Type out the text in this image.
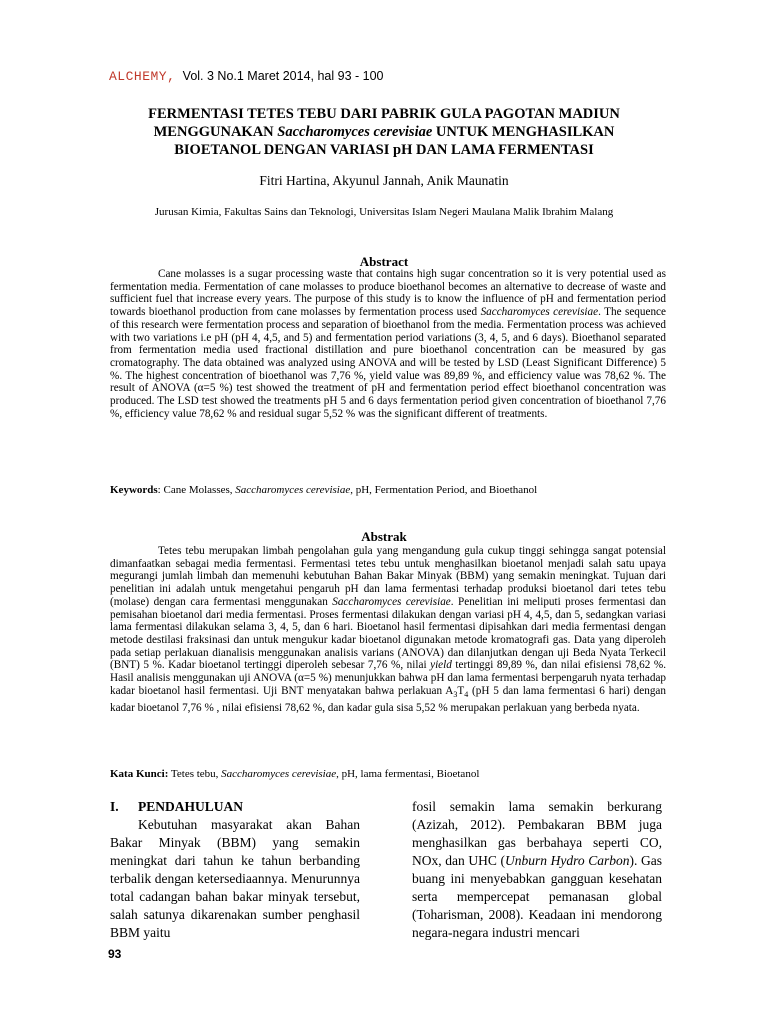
ALCHEMY, Vol. 3 No.1 Maret 2014, hal 93 - 100
FERMENTASI TETES TEBU DARI PABRIK GULA PAGOTAN MADIUN
MENGGUNAKAN Saccharomyces cerevisiae UNTUK MENGHASILKAN
BIOETANOL DENGAN VARIASI pH DAN LAMA FERMENTASI
Fitri Hartina, Akyunul Jannah, Anik Maunatin
Jurusan Kimia, Fakultas Sains dan Teknologi, Universitas Islam Negeri Maulana Malik Ibrahim Malang
Abstract
Cane molasses is a sugar processing waste that contains high sugar concentration so it is very potential used as fermentation media. Fermentation of cane molasses to produce bioethanol becomes an alternative to decrease of waste and sufficient fuel that increase every years. The purpose of this study is to know the influence of pH and fermentation period towards bioethanol production from cane molasses by fermentation process used Saccharomyces cerevisiae. The sequence of this research were fermentation process and separation of bioethanol from the media. Fermentation process was achieved with two variations i.e pH (pH 4, 4,5, and 5) and fermentation period variations (3, 4, 5, and 6 days). Bioethanol separated from fermentation media used fractional distillation and pure bioethanol concentration can be measured by gas cromatography. The data obtained was analyzed using ANOVA and will be tested by LSD (Least Significant Difference) 5 %. The highest concentration of bioethanol was 7,76 %, yield value was 89,89 %, and efficiency value was 78,62 %. The result of ANOVA (α=5 %) test showed the treatment of pH and fermentation period effect bioethanol concentration was produced. The LSD test showed the treatments pH 5 and 6 days fermentation period given concentration of bioethanol 7,76 %, efficiency value 78,62 % and residual sugar 5,52 % was the significant different of treatments.
Keywords: Cane Molasses, Saccharomyces cerevisiae, pH, Fermentation Period, and Bioethanol
Abstrak
Tetes tebu merupakan limbah pengolahan gula yang mengandung gula cukup tinggi sehingga sangat potensial dimanfaatkan sebagai media fermentasi. Fermentasi tetes tebu untuk menghasilkan bioetanol menjadi salah satu upaya megurangi jumlah limbah dan memenuhi kebutuhan Bahan Bakar Minyak (BBM) yang semakin meningkat. Tujuan dari penelitian ini adalah untuk mengetahui pengaruh pH dan lama fermentasi terhadap produksi bioetanol dari tetes tebu (molase) dengan cara fermentasi menggunakan Saccharomyces cerevisiae. Penelitian ini meliputi proses fermentasi dan pemisahan bioetanol dari media fermentasi. Proses fermentasi dilakukan dengan variasi pH 4, 4,5, dan 5, sedangkan variasi lama fermentasi dilakukan selama 3, 4, 5, dan 6 hari. Bioetanol hasil fermentasi dipisahkan dari media fermentasi dengan metode destilasi fraksinasi dan untuk mengukur kadar bioetanol digunakan metode kromatografi gas. Data yang diperoleh pada setiap perlakuan dianalisis menggunakan analisis varians (ANOVA) dan dilanjutkan dengan uji Beda Nyata Terkecil (BNT) 5 %. Kadar bioetanol tertinggi diperoleh sebesar 7,76 %, nilai yield tertinggi 89,89 %, dan nilai efisiensi 78,62 %. Hasil analisis menggunakan uji ANOVA (α=5 %) menunjukkan bahwa pH dan lama fermentasi berpengaruh nyata terhadap kadar bioetanol hasil fermentasi. Uji BNT menyatakan bahwa perlakuan $A_3T_4$ (pH 5 dan lama fermentasi 6 hari) dengan kadar bioetanol 7,76 % , nilai efisiensi 78,62 %, dan kadar gula sisa 5,52 % merupakan perlakuan yang berbeda nyata.
Kata Kunci: Tetes tebu, Saccharomyces cerevisiae, pH, lama fermentasi, Bioetanol
I. PENDAHULUAN
Kebutuhan masyarakat akan Bahan Bakar Minyak (BBM) yang semakin meningkat dari tahun ke tahun berbanding terbalik dengan ketersediaannya. Menurunnya total cadangan bahan bakar minyak tersebut, salah satunya dikarenakan sumber penghasil BBM yaitu
fosil semakin lama semakin berkurang (Azizah, 2012). Pembakaran BBM juga menghasilkan gas berbahaya seperti CO, NOx, dan UHC (Unburn Hydro Carbon). Gas buang ini menyebabkan gangguan kesehatan serta mempercepat pemanasan global (Toharisman, 2008). Keadaan ini mendorong negara-negara industri mencari
93
